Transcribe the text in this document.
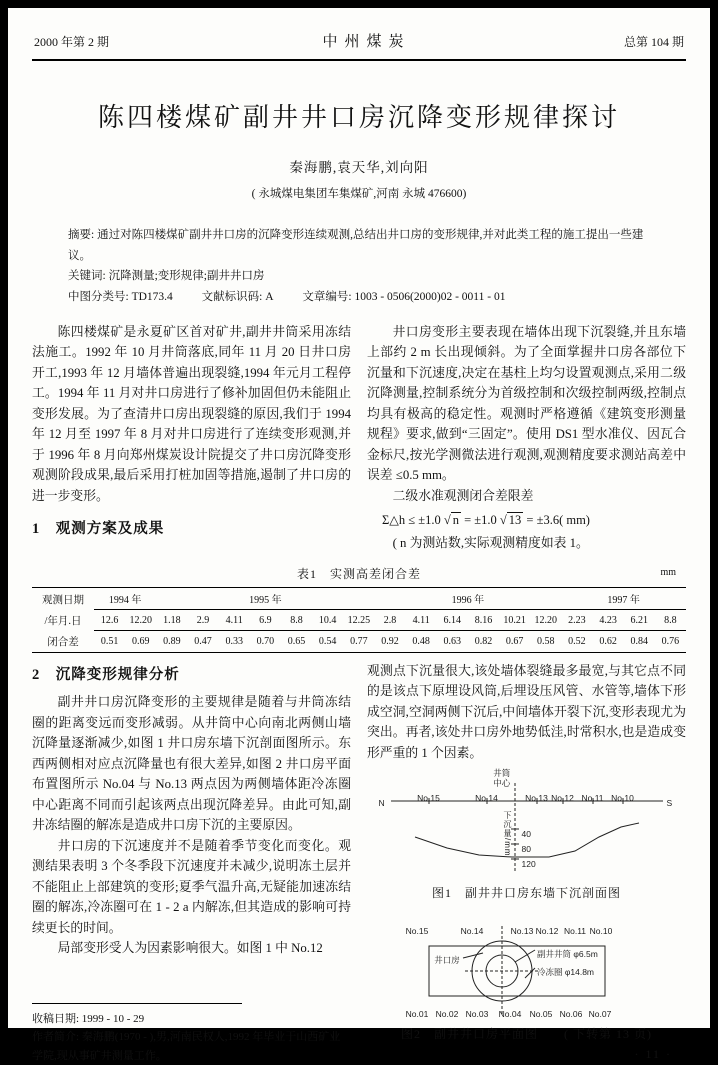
2000 年第 2 期	中州煤炭	总第 104 期
陈四楼煤矿副井井口房沉降变形规律探讨
秦海鹏,袁天华,刘向阳
( 永城煤电集团车集煤矿,河南 永城 476600)

摘要: 通过对陈四楼煤矿副井井口房的沉降变形连续观测,总结出井口房的变形规律,并对此类工程的施工提出一些建议。

关键词: 沉降测量;变形规律;副井井口房

中图分类号: TD173.4	文献标识码: A	文章编号: 1003 - 0506(2000)02 - 0011 - 01

陈四楼煤矿是永夏矿区首对矿井,副井井筒采用冻结法施工。1992 年 10 月井筒落底,同年 11 月 20 日井口房开工,1993 年 12 月墙体普遍出现裂缝,1994 年元月工程停工。1994 年 11 月对井口房进行了修补加固但仍未能阻止变形发展。为了查清井口房出现裂缝的原因,我们于 1994 年 12 月至 1997 年 8 月对井口房进行了连续变形观测,并于 1996 年 8 月向郑州煤炭设计院提交了井口房沉降变形观测阶段成果,最后采用打桩加固等措施,遏制了井口房的进一步变形。

1　观测方案及成果

井口房变形主要表现在墙体出现下沉裂缝,并且东墙上部约 2 m 长出现倾斜。为了全面掌握井口房各部位下沉量和下沉速度,决定在基柱上均匀设置观测点,采用二级沉降测量,控制系统分为首级控制和次级控制两级,控制点均具有极高的稳定性。观测时严格遵循《建筑变形测量规程》要求,做到“三固定”。使用 DS1 型水准仪、因瓦合金标尺,按光学测微法进行观测,观测精度要求测站高差中误差 ≤0.5 mm。

二级水准观测闭合差限差

Σ△h ≤ ±1.0 √ n = ±1.0 √ 13 = ±3.6( mm)

( n 为测站数,实际观测精度如表 1。

表1　实测高差闭合差	mm
观测日期	1994 年		1995 年							1996 年						1997 年			
/年月.日	12.6	12.20	1.18	2.9	4.11	6.9	8.8	10.4	12.25	2.8	4.11	6.14	8.16	10.21	12.20	2.23	4.23	6.21	8.8
闭合差	0.51	0.69	0.89	0.47	0.33	0.70	0.65	0.54	0.77	0.92	0.48	0.63	0.82	0.67	0.58	0.52	0.62	0.84	0.76
2　沉降变形规律分析

副井井口房沉降变形的主要规律是随着与井筒冻结圈的距离变远而变形减弱。从井筒中心向南北两侧山墙沉降量逐渐减少,如图 1 井口房东墙下沉剖面图所示。东西两侧相对应点沉降量也有很大差异,如图 2 井口房平面布置图所示 No.04 与 No.13 两点因为两侧墙体距冷冻圈中心距离不同而引起该两点出现沉降差异。由此可知,副井冻结圈的解冻是造成井口房下沉的主要原因。

井口房的下沉速度并不是随着季节变化而变化。观测结果表明 3 个冬季段下沉速度并未减少,说明冻土层并不能阻止上部建筑的变形;夏季气温升高,无疑能加速冻结圈的解冻,冷冻圈可在 1 - 2 a 内解冻,但其造成的影响可持续更长的时间。

局部变形受人为因素影响很大。如图 1 中 No.12

收稿日期: 1999 - 10 - 29

作者简介: 秦海鹏(1970 - ),男,河南民权人,1992 年毕业于山西矿业学院,现从事矿井测量工作。

观测点下沉量很大,该处墙体裂缝最多最宽,与其它点不同的是该点下原埋设风筒,后埋设压风管、水管等,墙体下形成空洞,空洞两侧下沉后,中间墙体开裂下沉,变形表现尤为突出。再者,该处井口房外地势低洼,时常积水,也是造成变形严重的 1 个因素。

N	S
No.15	No.14	No.13 No.12 No.11 No.10
井筒中心
下沉量/mm	40
80
120
图1　副井井口房东墙下沉剖面图
No.15	No.14	No.13 No.12 No.11 No.10
井口房
副井井筒 φ6.5m
冷冻圈 φ14.8m
No.01 No.02 No.03 No.04 No.05 No.06 No.07
图2　副井井口房平面图 ( 下转第 13 页)
· 11 ·
